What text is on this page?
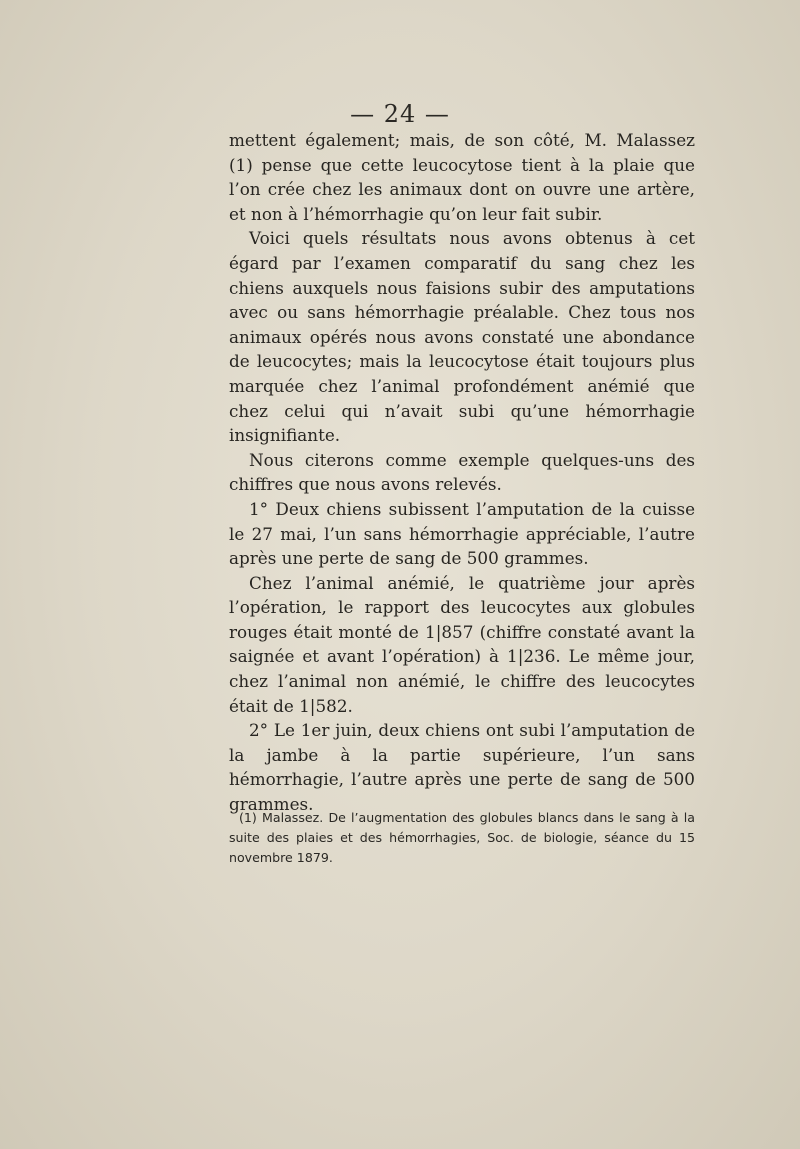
— 24 —

mettent également; mais, de son côté, M. Malassez (1) pense que cette leucocytose tient à la plaie que l’on crée chez les animaux dont on ouvre une artère, et non à l’hémorrhagie qu’on leur fait subir.

Voici quels résultats nous avons obtenus à cet égard par l’examen comparatif du sang chez les chiens auxquels nous faisions subir des amputations avec ou sans hémorrhagie préalable. Chez tous nos animaux opérés nous avons constaté une abondance de leucocytes; mais la leucocytose était toujours plus marquée chez l’animal profondément anémié que chez celui qui n’avait subi qu’une hémorrhagie insignifiante.

Nous citerons comme exemple quelques-uns des chiffres que nous avons relevés.

1° Deux chiens subissent l’amputation de la cuisse le 27 mai, l’un sans hémorrhagie appréciable, l’autre après une perte de sang de 500 grammes.

Chez l’animal anémié, le quatrième jour après l’opération, le rapport des leucocytes aux globules rouges était monté de 1|857 (chiffre constaté avant la saignée et avant l’opération) à 1|236. Le même jour, chez l’animal non anémié, le chiffre des leucocytes était de 1|582.

2° Le 1er juin, deux chiens ont subi l’amputation de la jambe à la partie supérieure, l’un sans hémorrhagie, l’autre après une perte de sang de 500 grammes.

(1) Malassez. De l’augmentation des globules blancs dans le sang à la suite des plaies et des hémorrhagies, Soc. de biologie, séance du 15 novembre 1879.
